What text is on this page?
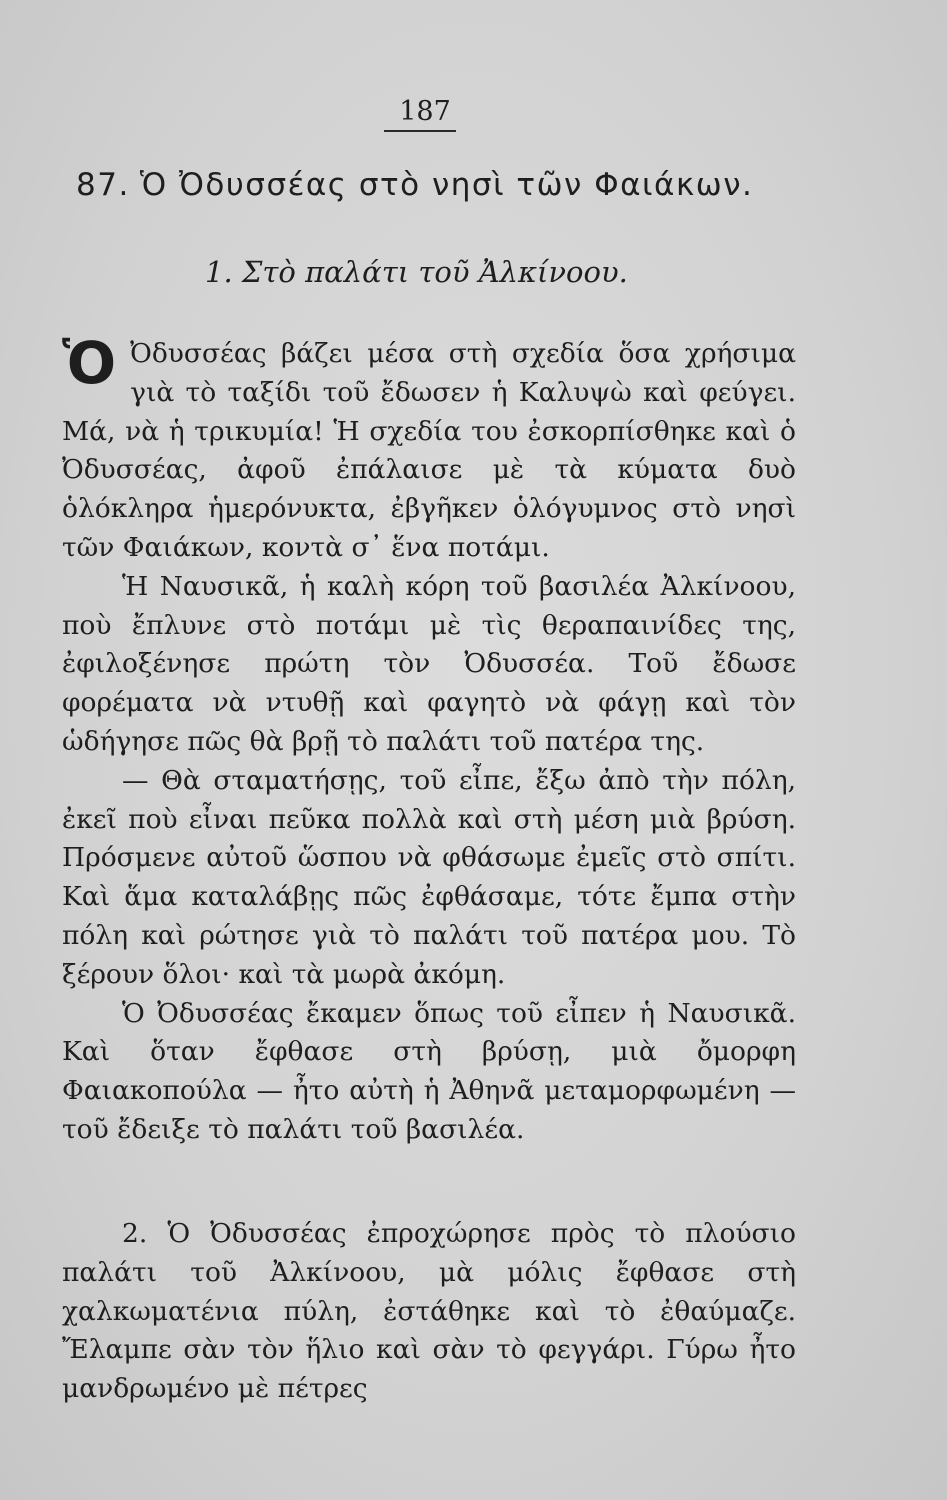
187
87. Ὁ Ὀδυσσέας στὸ νησὶ τῶν Φαιάκων.
1. Στὸ παλάτι τοῦ Ἀλκίνοου.

Ὁ Ὀδυσσέας βάζει μέσα στὴ σχεδία ὅσα χρήσιμα γιὰ τὸ ταξίδι τοῦ ἔδωσεν ἡ Καλυψὼ καὶ φεύγει. Μά, νὰ ἡ τρικυμία! Ἡ σχεδία του ἐσκορπίσθηκε καὶ ὁ Ὀδυσσέας, ἀφοῦ ἐπάλαισε μὲ τὰ κύματα δυὸ ὁλόκληρα ἡμερόνυκτα, ἐβγῆκεν ὁλόγυμνος στὸ νησὶ τῶν Φαιάκων, κοντὰ σ᾽ ἕνα ποτάμι.

Ἡ Ναυσικᾶ, ἡ καλὴ κόρη τοῦ βασιλέα Ἀλκίνοου, ποὺ ἔπλυνε στὸ ποτάμι μὲ τὶς θεραπαινίδες της, ἐφιλοξένησε πρώτη τὸν Ὀδυσσέα. Τοῦ ἔδωσε φορέματα νὰ ντυθῇ καὶ φαγητὸ νὰ φάγῃ καὶ τὸν ὡδήγησε πῶς θὰ βρῇ τὸ παλάτι τοῦ πατέρα της.

— Θὰ σταματήσῃς, τοῦ εἶπε, ἔξω ἀπὸ τὴν πόλη, ἐκεῖ ποὺ εἶναι πεῦκα πολλὰ καὶ στὴ μέση μιὰ βρύση. Πρόσμενε αὐτοῦ ὥσπου νὰ φθάσωμε ἐμεῖς στὸ σπίτι. Καὶ ἅμα καταλάβῃς πῶς ἐφθάσαμε, τότε ἔμπα στὴν πόλη καὶ ρώτησε γιὰ τὸ παλάτι τοῦ πατέρα μου. Τὸ ξέρουν ὅλοι· καὶ τὰ μωρὰ ἀκόμη.

Ὁ Ὀδυσσέας ἔκαμεν ὅπως τοῦ εἶπεν ἡ Ναυσικᾶ. Καὶ ὅταν ἔφθασε στὴ βρύσῃ, μιὰ ὄμορφη Φαιακοπούλα — ἦτο αὐτὴ ἡ Ἀθηνᾶ μεταμορφωμένη — τοῦ ἔδειξε τὸ παλάτι τοῦ βασιλέα.

2. Ὁ Ὀδυσσέας ἐπροχώρησε πρὸς τὸ πλούσιο παλάτι τοῦ Ἀλκίνοου, μὰ μόλις ἔφθασε στὴ χαλκωματένια πύλη, ἐστάθηκε καὶ τὸ ἐθαύμαζε. Ἔλαμπε σὰν τὸν ἥλιο καὶ σὰν τὸ φεγγάρι. Γύρω ἦτο μανδρωμένο μὲ πέτρες
